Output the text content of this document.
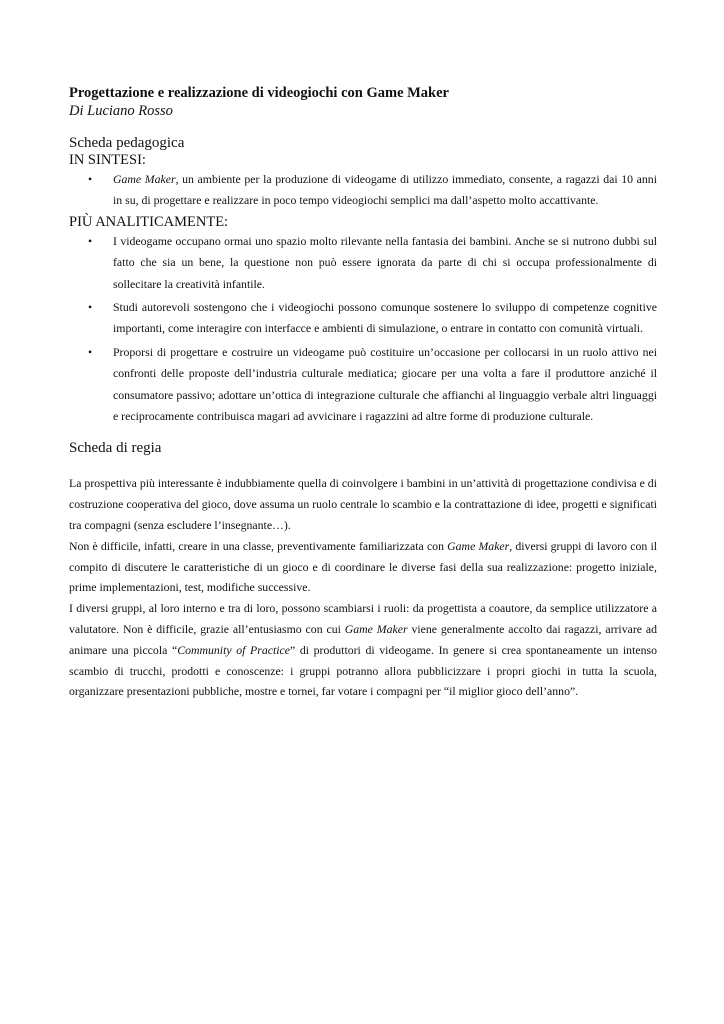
Progettazione e realizzazione di videogiochi con Game Maker

Di Luciano Rosso

Scheda pedagogica

IN SINTESI:

• Game Maker, un ambiente per la produzione di videogame di utilizzo immediato, consente, a ragazzi dai 10 anni in su, di progettare e realizzare in poco tempo videogiochi semplici ma dall’aspetto molto accattivante.

PIÙ ANALITICAMENTE:

• I videogame occupano ormai uno spazio molto rilevante nella fantasia dei bambini. Anche se si nutrono dubbi sul fatto che sia un bene, la questione non può essere ignorata da parte di chi si occupa professionalmente di sollecitare la creatività infantile.
• Studi autorevoli sostengono che i videogiochi possono comunque sostenere lo sviluppo di competenze cognitive importanti, come interagire con interfacce e ambienti di simulazione, o entrare in contatto con comunità virtuali.
• Proporsi di progettare e costruire un videogame può costituire un’occasione per collocarsi in un ruolo attivo nei confronti delle proposte dell’industria culturale mediatica; giocare per una volta a fare il produttore anziché il consumatore passivo; adottare un’ottica di integrazione culturale che affianchi al linguaggio verbale altri linguaggi e reciprocamente contribuisca magari ad avvicinare i ragazzini ad altre forme di produzione culturale.

Scheda di regia

La prospettiva più interessante è indubbiamente quella di coinvolgere i bambini in un’attività di progettazione condivisa e di costruzione cooperativa del gioco, dove assuma un ruolo centrale lo scambio e la contrattazione di idee, progetti e significati tra compagni (senza escludere l’insegnante…).

Non è difficile, infatti, creare in una classe, preventivamente familiarizzata con Game Maker, diversi gruppi di lavoro con il compito di discutere le caratteristiche di un gioco e di coordinare le diverse fasi della sua realizzazione: progetto iniziale, prime implementazioni, test, modifiche successive.

I diversi gruppi, al loro interno e tra di loro, possono scambiarsi i ruoli: da progettista a coautore, da semplice utilizzatore a valutatore. Non è difficile, grazie all’entusiasmo con cui Game Maker viene generalmente accolto dai ragazzi, arrivare ad animare una piccola “Community of Practice” di produttori di videogame. In genere si crea spontaneamente un intenso scambio di trucchi, prodotti e conoscenze: i gruppi potranno allora pubblicizzare i propri giochi in tutta la scuola, organizzare presentazioni pubbliche, mostre e tornei, far votare i compagni per “il miglior gioco dell’anno”.
